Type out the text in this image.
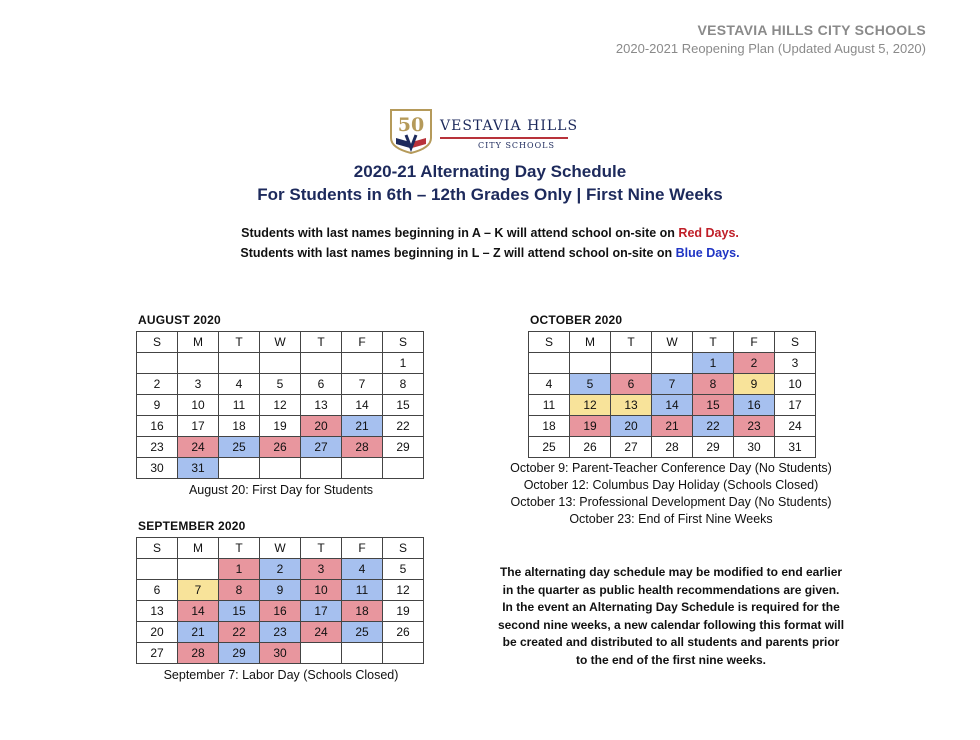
VESTAVIA HILLS CITY SCHOOLS
2020-2021 Reopening Plan (Updated August 5, 2020)
50 VESTAVIA HILLS
CITY SCHOOLS
2020-21 Alternating Day Schedule
For Students in 6th – 12th Grades Only | First Nine Weeks
Students with last names beginning in A – K will attend school on-site on Red Days.
Students with last names beginning in L – Z will attend school on-site on Blue Days.
AUGUST 2020
S	M	T	W	T	F	S
						1
2	3	4	5	6	7	8
9	10	11	12	13	14	15
16	17	18	19	20	21	22
23	24	25	26	27	28	29
30	31					
August 20: First Day for Students
SEPTEMBER 2020
S	M	T	W	T	F	S
		1	2	3	4	5
6	7	8	9	10	11	12
13	14	15	16	17	18	19
20	21	22	23	24	25	26
27	28	29	30			
September 7: Labor Day (Schools Closed)
OCTOBER 2020
S	M	T	W	T	F	S
				1	2	3
4	5	6	7	8	9	10
11	12	13	14	15	16	17
18	19	20	21	22	23	24
25	26	27	28	29	30	31
October 9: Parent-Teacher Conference Day (No Students)
October 12: Columbus Day Holiday (Schools Closed)
October 13: Professional Development Day (No Students)
October 23: End of First Nine Weeks
The alternating day schedule may be modified to end earlier in the quarter as public health recommendations are given. In the event an Alternating Day Schedule is required for the second nine weeks, a new calendar following this format will be created and distributed to all students and parents prior to the end of the first nine weeks.
